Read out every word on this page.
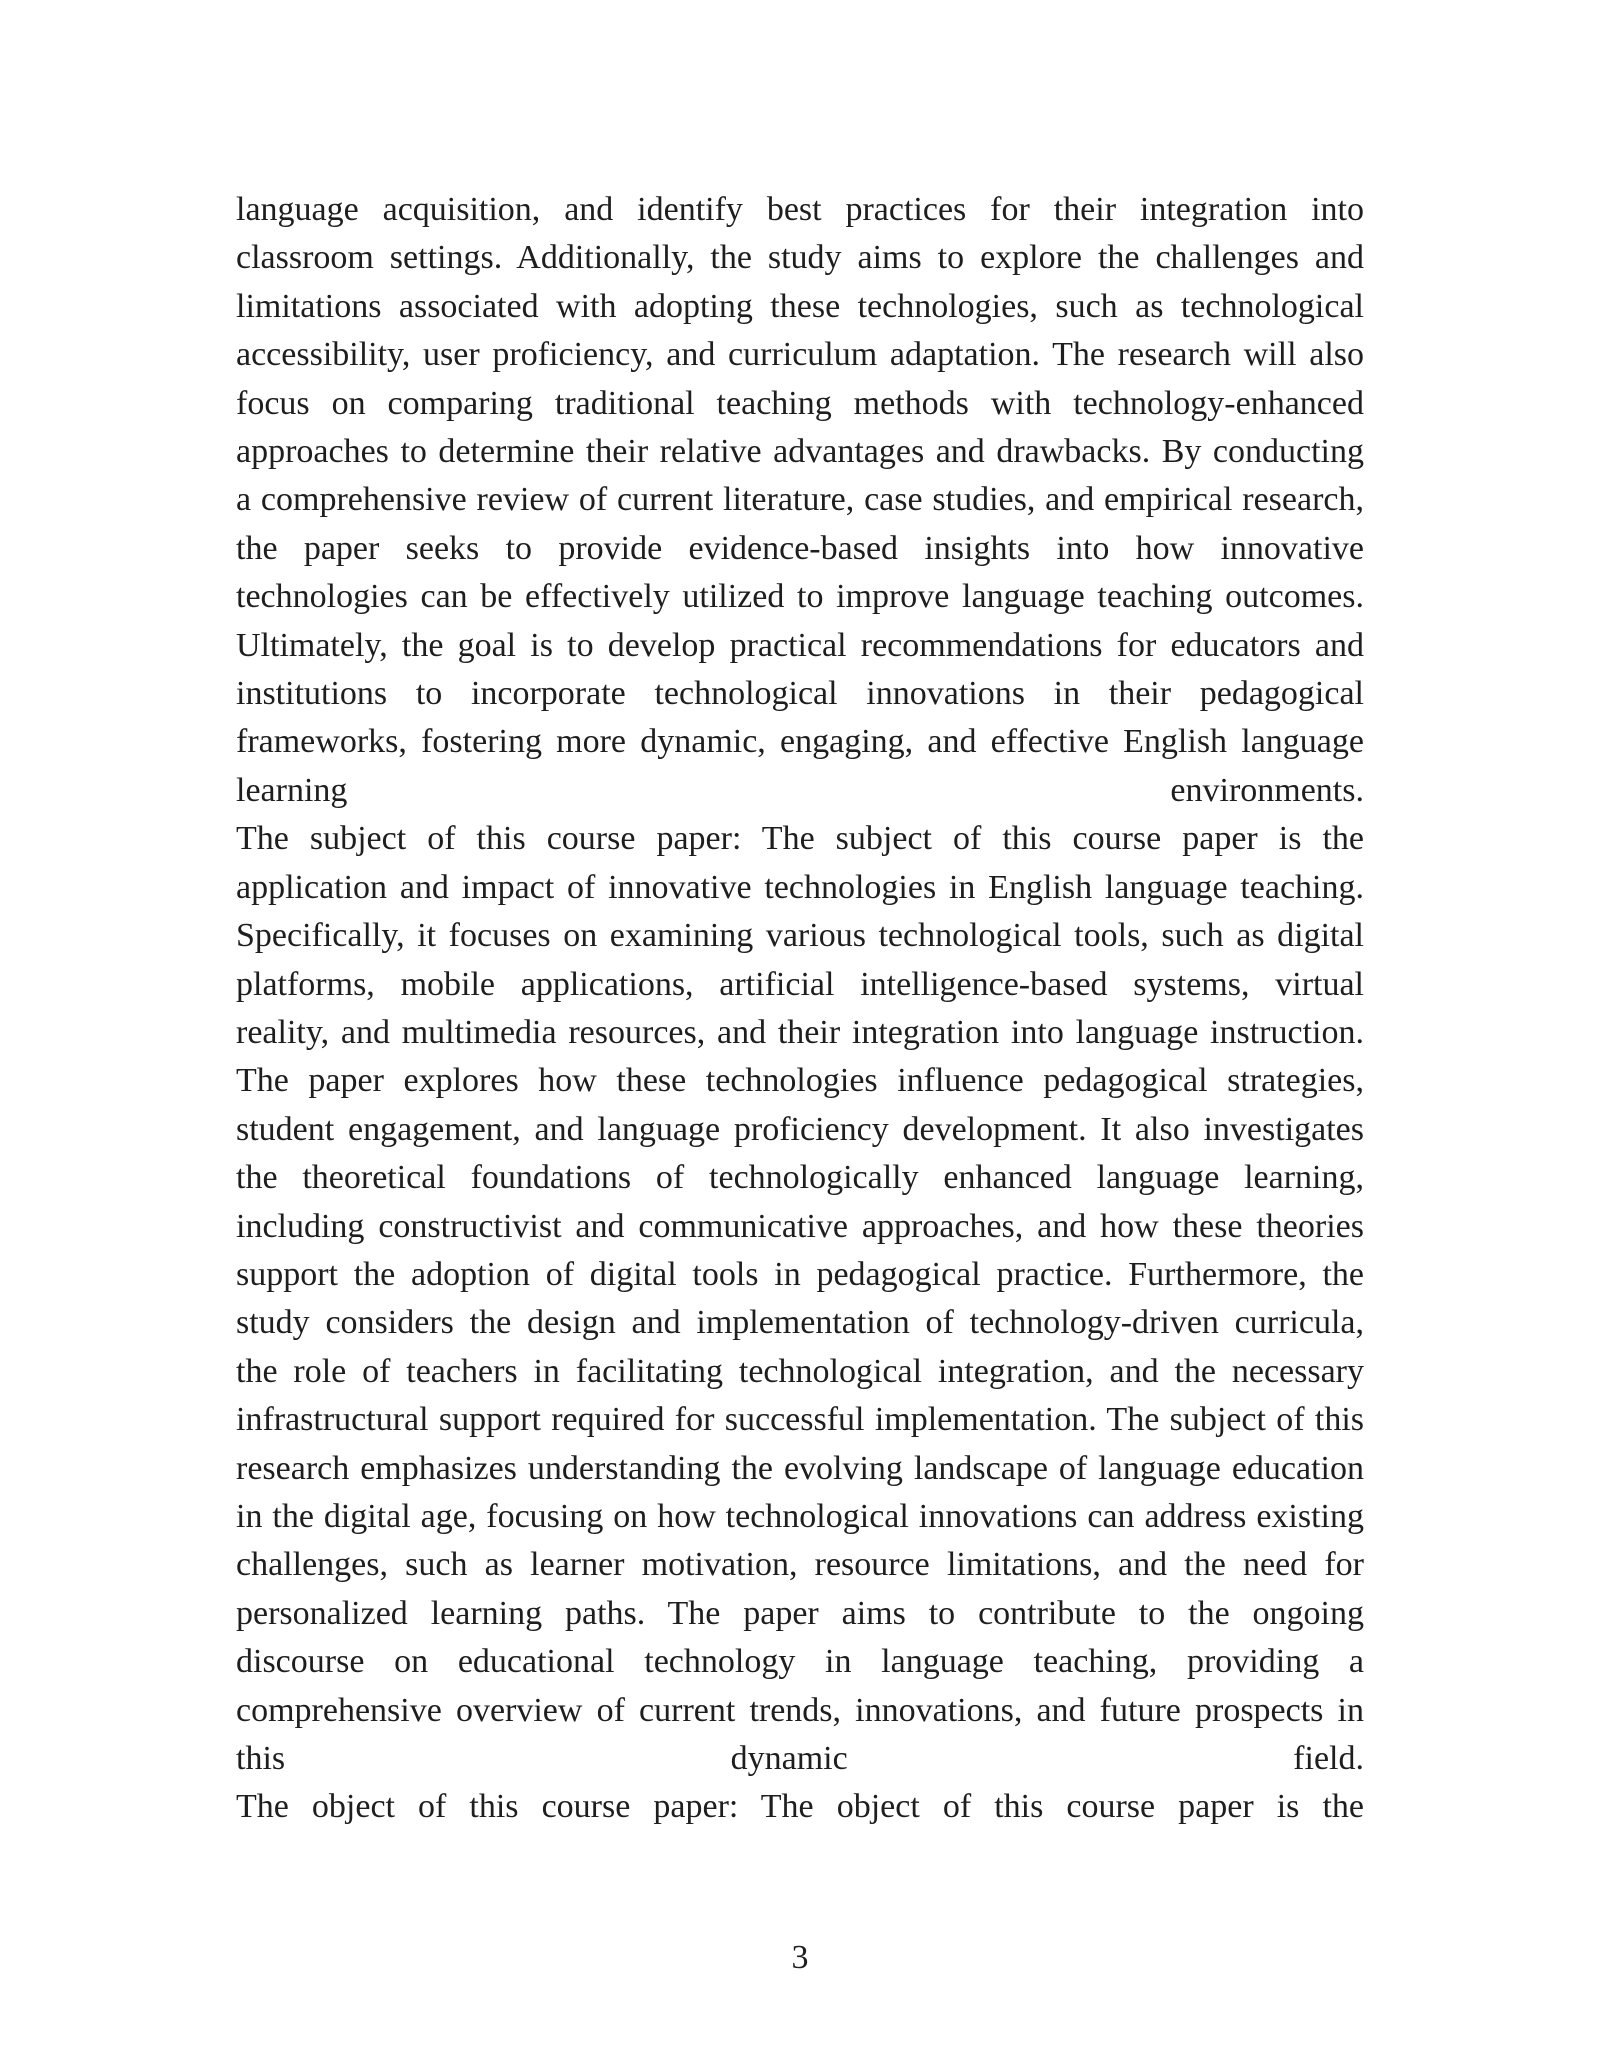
language acquisition, and identify best practices for their integration into classroom settings. Additionally, the study aims to explore the challenges and limitations associated with adopting these technologies, such as technological accessibility, user proficiency, and curriculum adaptation. The research will also focus on comparing traditional teaching methods with technology-enhanced approaches to determine their relative advantages and drawbacks. By conducting a comprehensive review of current literature, case studies, and empirical research, the paper seeks to provide evidence-based insights into how innovative technologies can be effectively utilized to improve language teaching outcomes. Ultimately, the goal is to develop practical recommendations for educators and institutions to incorporate technological innovations in their pedagogical frameworks, fostering more dynamic, engaging, and effective English language learning environments.

The subject of this course paper: The subject of this course paper is the application and impact of innovative technologies in English language teaching. Specifically, it focuses on examining various technological tools, such as digital platforms, mobile applications, artificial intelligence-based systems, virtual reality, and multimedia resources, and their integration into language instruction. The paper explores how these technologies influence pedagogical strategies, student engagement, and language proficiency development. It also investigates the theoretical foundations of technologically enhanced language learning, including constructivist and communicative approaches, and how these theories support the adoption of digital tools in pedagogical practice. Furthermore, the study considers the design and implementation of technology-driven curricula, the role of teachers in facilitating technological integration, and the necessary infrastructural support required for successful implementation. The subject of this research emphasizes understanding the evolving landscape of language education in the digital age, focusing on how technological innovations can address existing challenges, such as learner motivation, resource limitations, and the need for personalized learning paths. The paper aims to contribute to the ongoing discourse on educational technology in language teaching, providing a comprehensive overview of current trends, innovations, and future prospects in this dynamic field.

The object of this course paper: The object of this course paper is the

3
